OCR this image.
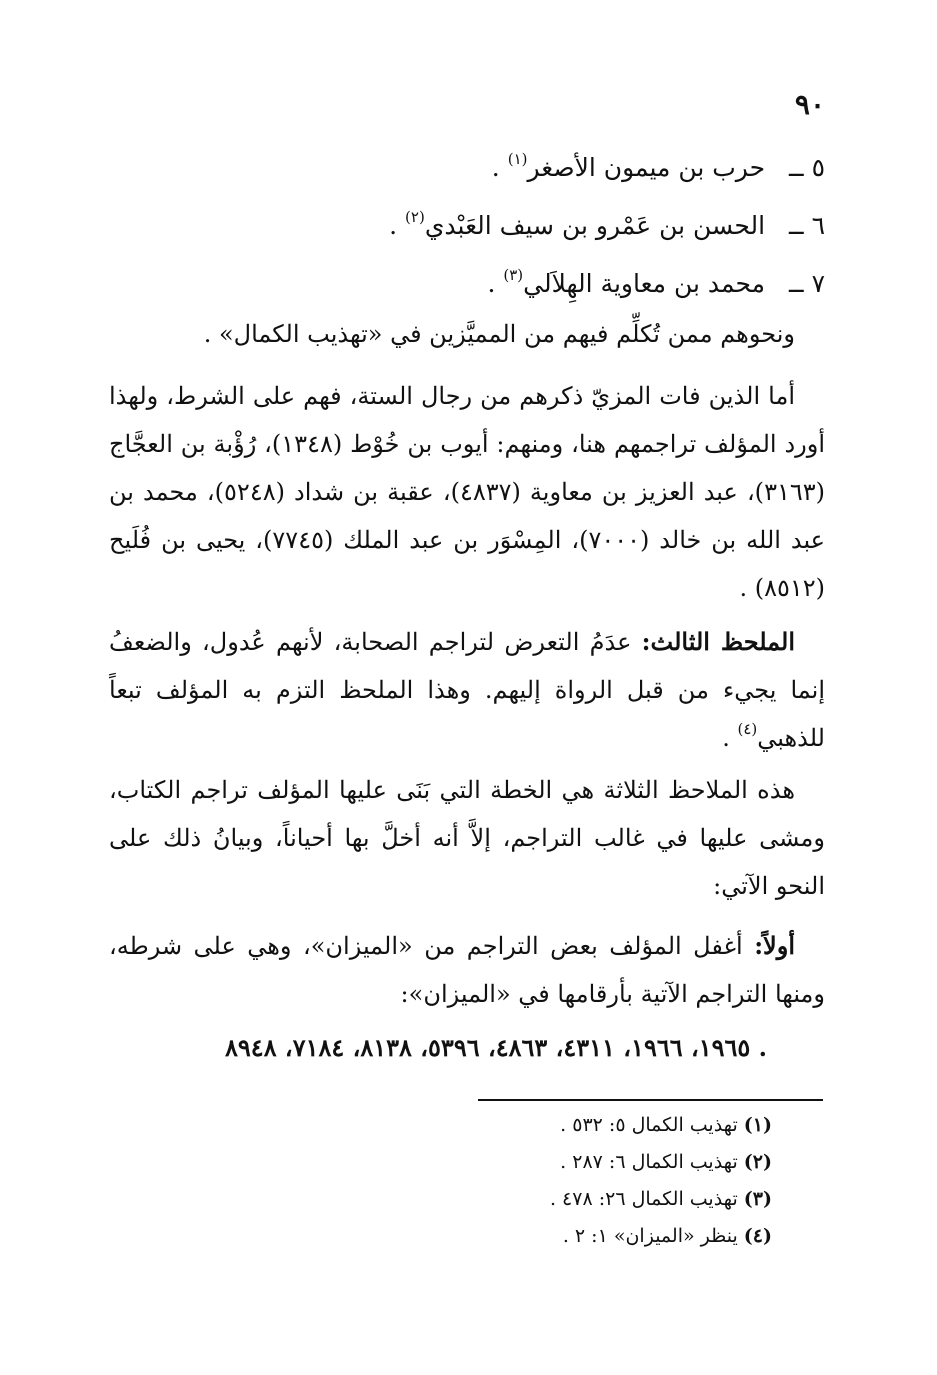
٩٠
٥ ــ حرب بن ميمون الأصغر$^{(١)}$ .
٦ ــ الحسن بن عَمْرو بن سيف العَبْدي$^{(٢)}$ .
٧ ــ محمد بن معاوية الهِلاَلي$^{(٣)}$ .

ونحوهم ممن تُكلِّم فيهم من المميَّزين في «تهذيب الكمال» .

أما الذين فات المزيّ ذكرهم من رجال الستة، فهم على الشرط، ولهذا أورد المؤلف تراجمهم هنا، ومنهم: أيوب بن خُوْط (١٣٤٨)، رُؤْبة بن العجَّاج (٣١٦٣)، عبد العزيز بن معاوية (٤٨٣٧)، عقبة بن شداد (٥٢٤٨)، محمد بن عبد الله بن خالد (٧٠٠٠)، المِسْوَر بن عبد الملك (٧٧٤٥)، يحيى بن فُلَيح (٨٥١٢) .

الملحظ الثالث: عدَمُ التعرض لتراجم الصحابة، لأنهم عُدول، والضعفُ إنما يجيء من قبل الرواة إليهم. وهذا الملحظ التزم به المؤلف تبعاً للذهبي$^{(٤)}$ .

هذه الملاحظ الثلاثة هي الخطة التي بَنَى عليها المؤلف تراجم الكتاب، ومشى عليها في غالب التراجم، إلاَّ أنه أخلَّ بها أحياناً، وبيانُ ذلك على النحو الآتي:

أولاً: أغفل المؤلف بعض التراجم من «الميزان»، وهي على شرطه، ومنها التراجم الآتية بأرقامها في «الميزان»:

١٩٦٥، ١٩٦٦، ٤٣١١، ٤٨٦٣، ٥٣٩٦، ٨١٣٨، ٧١٨٤، ٨٩٤٨ .
(١) تهذيب الكمال ٥: ٥٣٢ .
(٢) تهذيب الكمال ٦: ٢٨٧ .
(٣) تهذيب الكمال ٢٦: ٤٧٨ .
(٤) ينظر «الميزان» ١: ٢ .
